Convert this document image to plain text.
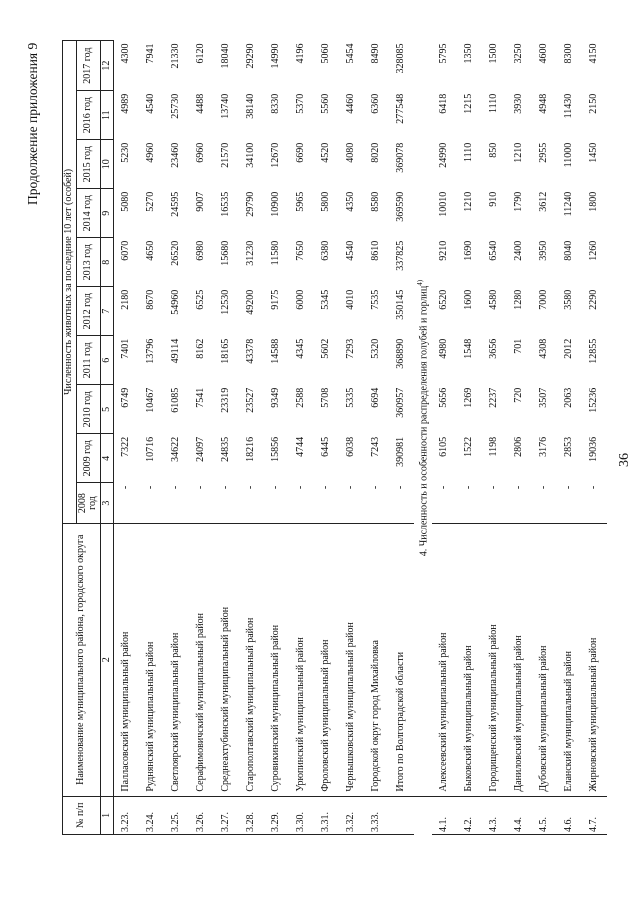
36
Продолжение приложения 9
№ п/п	Наименование муниципального района, городского округа	Численность животных за последние 10 лет (особей)									
		2008 год	2009 год	2010 год	2011 год	2012 год	2013 год	2014 год	2015 год	2016 год	2017 год
1	2	3	4	5	6	7	8	9	10	11	12
3.23.	Палласовский муниципальный район	-	7322	6749	7401	2180	6070	5080	5230	4989	4300
3.24.	Руднянский муниципальный район	-	10716	10467	13796	8670	4650	5270	4960	4540	7941
3.25.	Светлоярский муниципальный район	-	34622	61085	49114	54960	26520	24595	23460	25730	21330
3.26.	Серафимовичский муниципальный район	-	24097	7541	8162	6525	6980	9007	6960	4488	6120
3.27.	Среднеахтубинский муниципальный район	-	24835	23319	18165	12530	15680	16535	21570	13740	18040
3.28.	Старополтавский муниципальный район	-	18216	23527	43378	49200	31230	29790	34100	38140	29290
3.29.	Суровикинский муниципальный район	-	15856	9349	14588	9175	11580	10900	12670	8330	14990
3.30.	Урюпинский муниципальный район	-	4744	2588	4345	6000	7650	5965	6690	5370	4196
3.31.	Фроловский муниципальный район	-	6445	5708	5602	5345	6380	5800	4520	5560	5060
3.32.	Чернышковский муниципальный район	-	6038	5335	7293	4010	4540	4350	4080	4460	5454
3.33.	Городской округ город Михайловка	-	7243	6694	5320	7535	8610	8580	8020	6360	8490
	Итого по Волгоградской области	-	390981	360957	368890	350145	337825	369590	369078	277548	328085
	4. Численность и особенности распределения голубей и горлиц$^{4)}$
4.1.	Алексеевский муниципальный район	-	6105	5656	4980	6520	9210	10010	24990	6418	5795
4.2.	Быковский муниципальный район	-	1522	1269	1548	1600	1690	1210	1110	1215	1350
4.3.	Городищенский муниципальный район	-	1198	2237	3656	4580	6540	910	850	1110	1500
4.4.	Даниловский муниципальный район	-	2806	720	701	1280	2400	1790	1210	3930	3250
4.5.	Дубовский муниципальный район	-	3176	3507	4308	7000	3950	3612	2955	4948	4600
4.6.	Еланский муниципальный район	-	2853	2063	2012	3580	8040	11240	11000	11430	8300
4.7.	Жирновский муниципальный район	-	19036	15236	12855	2290	1260	1800	1450	2150	4150
